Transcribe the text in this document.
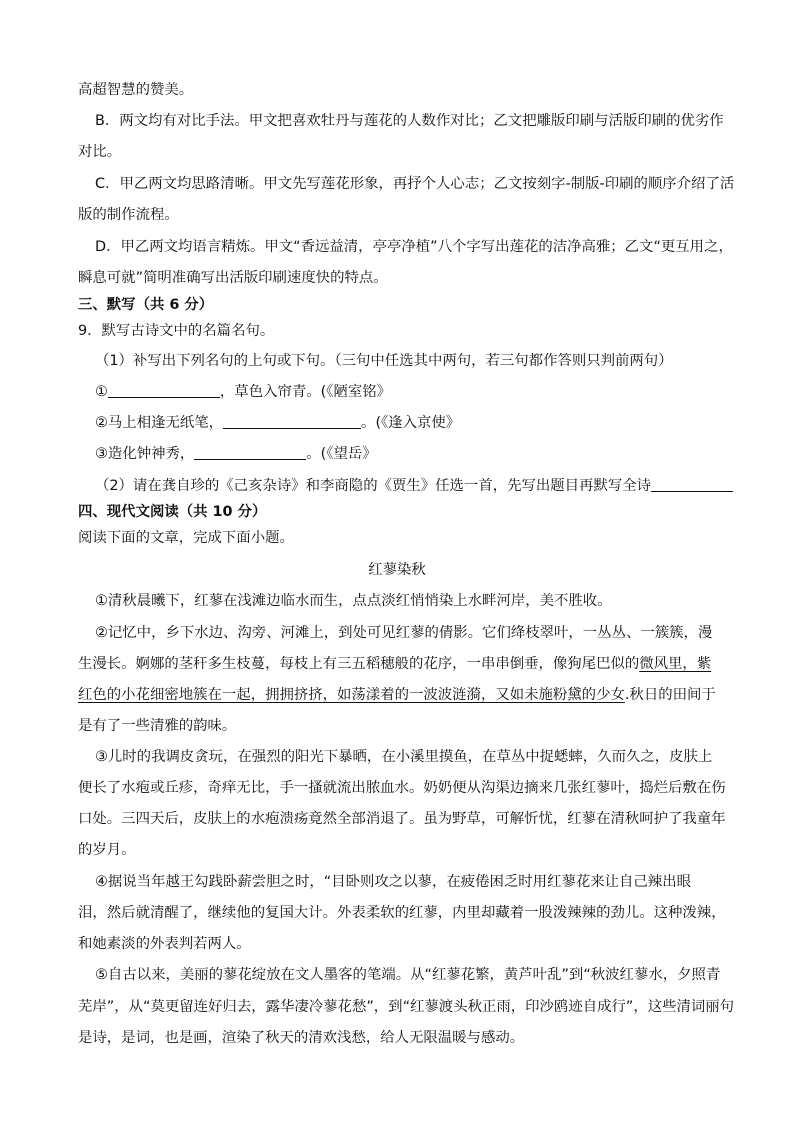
高超智慧的赞美。
B．两文均有对比手法。甲文把喜欢牡丹与莲花的人数作对比；乙文把雕版印刷与活版印刷的优劣作
对比。
C．甲乙两文均思路清晰。甲文先写莲花形象，再抒个人心志；乙文按刻字-制版-印刷的顺序介绍了活
版的制作流程。
D．甲乙两文均语言精炼。甲文“香远益清，亭亭净植”八个字写出莲花的洁净高雅；乙文“更互用之，
瞬息可就”简明准确写出活版印刷速度快的特点。
三、默写（共 6 分）
9．默写古诗文中的名篇名句。
（1）补写出下列名句的上句或下句。（三句中任选其中两句，若三句都作答则只判前两句）
①	，草色入帘青。(《陋室铭》
②马上相逢无纸笔，	。(《逢入京使》
③造化钟神秀，	。(《望岳》
（2）请在龚自珍的《己亥杂诗》和李商隐的《贾生》任选一首，先写出题目再默写全诗
四、现代文阅读（共 10 分）
阅读下面的文章，完成下面小题。
红蓼染秋
①清秋晨曦下，红蓼在浅滩边临水而生，点点淡红悄悄染上水畔河岸，美不胜收。
②记忆中，乡下水边、沟旁、河滩上，到处可见红蓼的倩影。它们绛枝翠叶，一丛丛、一簇簇，漫
生漫长。婀娜的茎秆多生枝蔓，每枝上有三五稻穗般的花序，一串串倒垂，像狗尾巴似的微风里，紫
红色的小花细密地簇在一起，拥拥挤挤，如荡漾着的一波波涟漪，又如未施粉黛的少女.秋日的田间于
是有了一些清雅的韵味。
③儿时的我调皮贪玩，在强烈的阳光下暴晒，在小溪里摸鱼，在草丛中捉蟋蟀，久而久之，皮肤上
便长了水疱或丘疹，奇痒无比，手一搔就流出脓血水。奶奶便从沟渠边摘来几张红蓼叶，捣烂后敷在伤
口处。三四天后，皮肤上的水疱溃疡竟然全部消退了。虽为野草，可解忻忧，红蓼在清秋呵护了我童年
的岁月。
④据说当年越王勾践卧薪尝胆之时，“目卧则攻之以蓼，在疲倦困乏时用红蓼花来让自己辣出眼
泪，然后就清醒了，继续他的复国大计。外表柔软的红蓼，内里却藏着一股泼辣辣的劲儿。这种泼辣，
和她素淡的外表判若两人。
⑤自古以来，美丽的蓼花绽放在文人墨客的笔端。从“红蓼花繁，黄芦叶乱”到“秋波红蓼水，夕照青
芜岸”，从“莫更留连好归去，露华凄冷蓼花愁”，到“红蓼渡头秋正雨，印沙鸥迹自成行”，这些清词丽句
是诗，是词，也是画，渲染了秋天的清欢浅愁，给人无限温暖与感动。
